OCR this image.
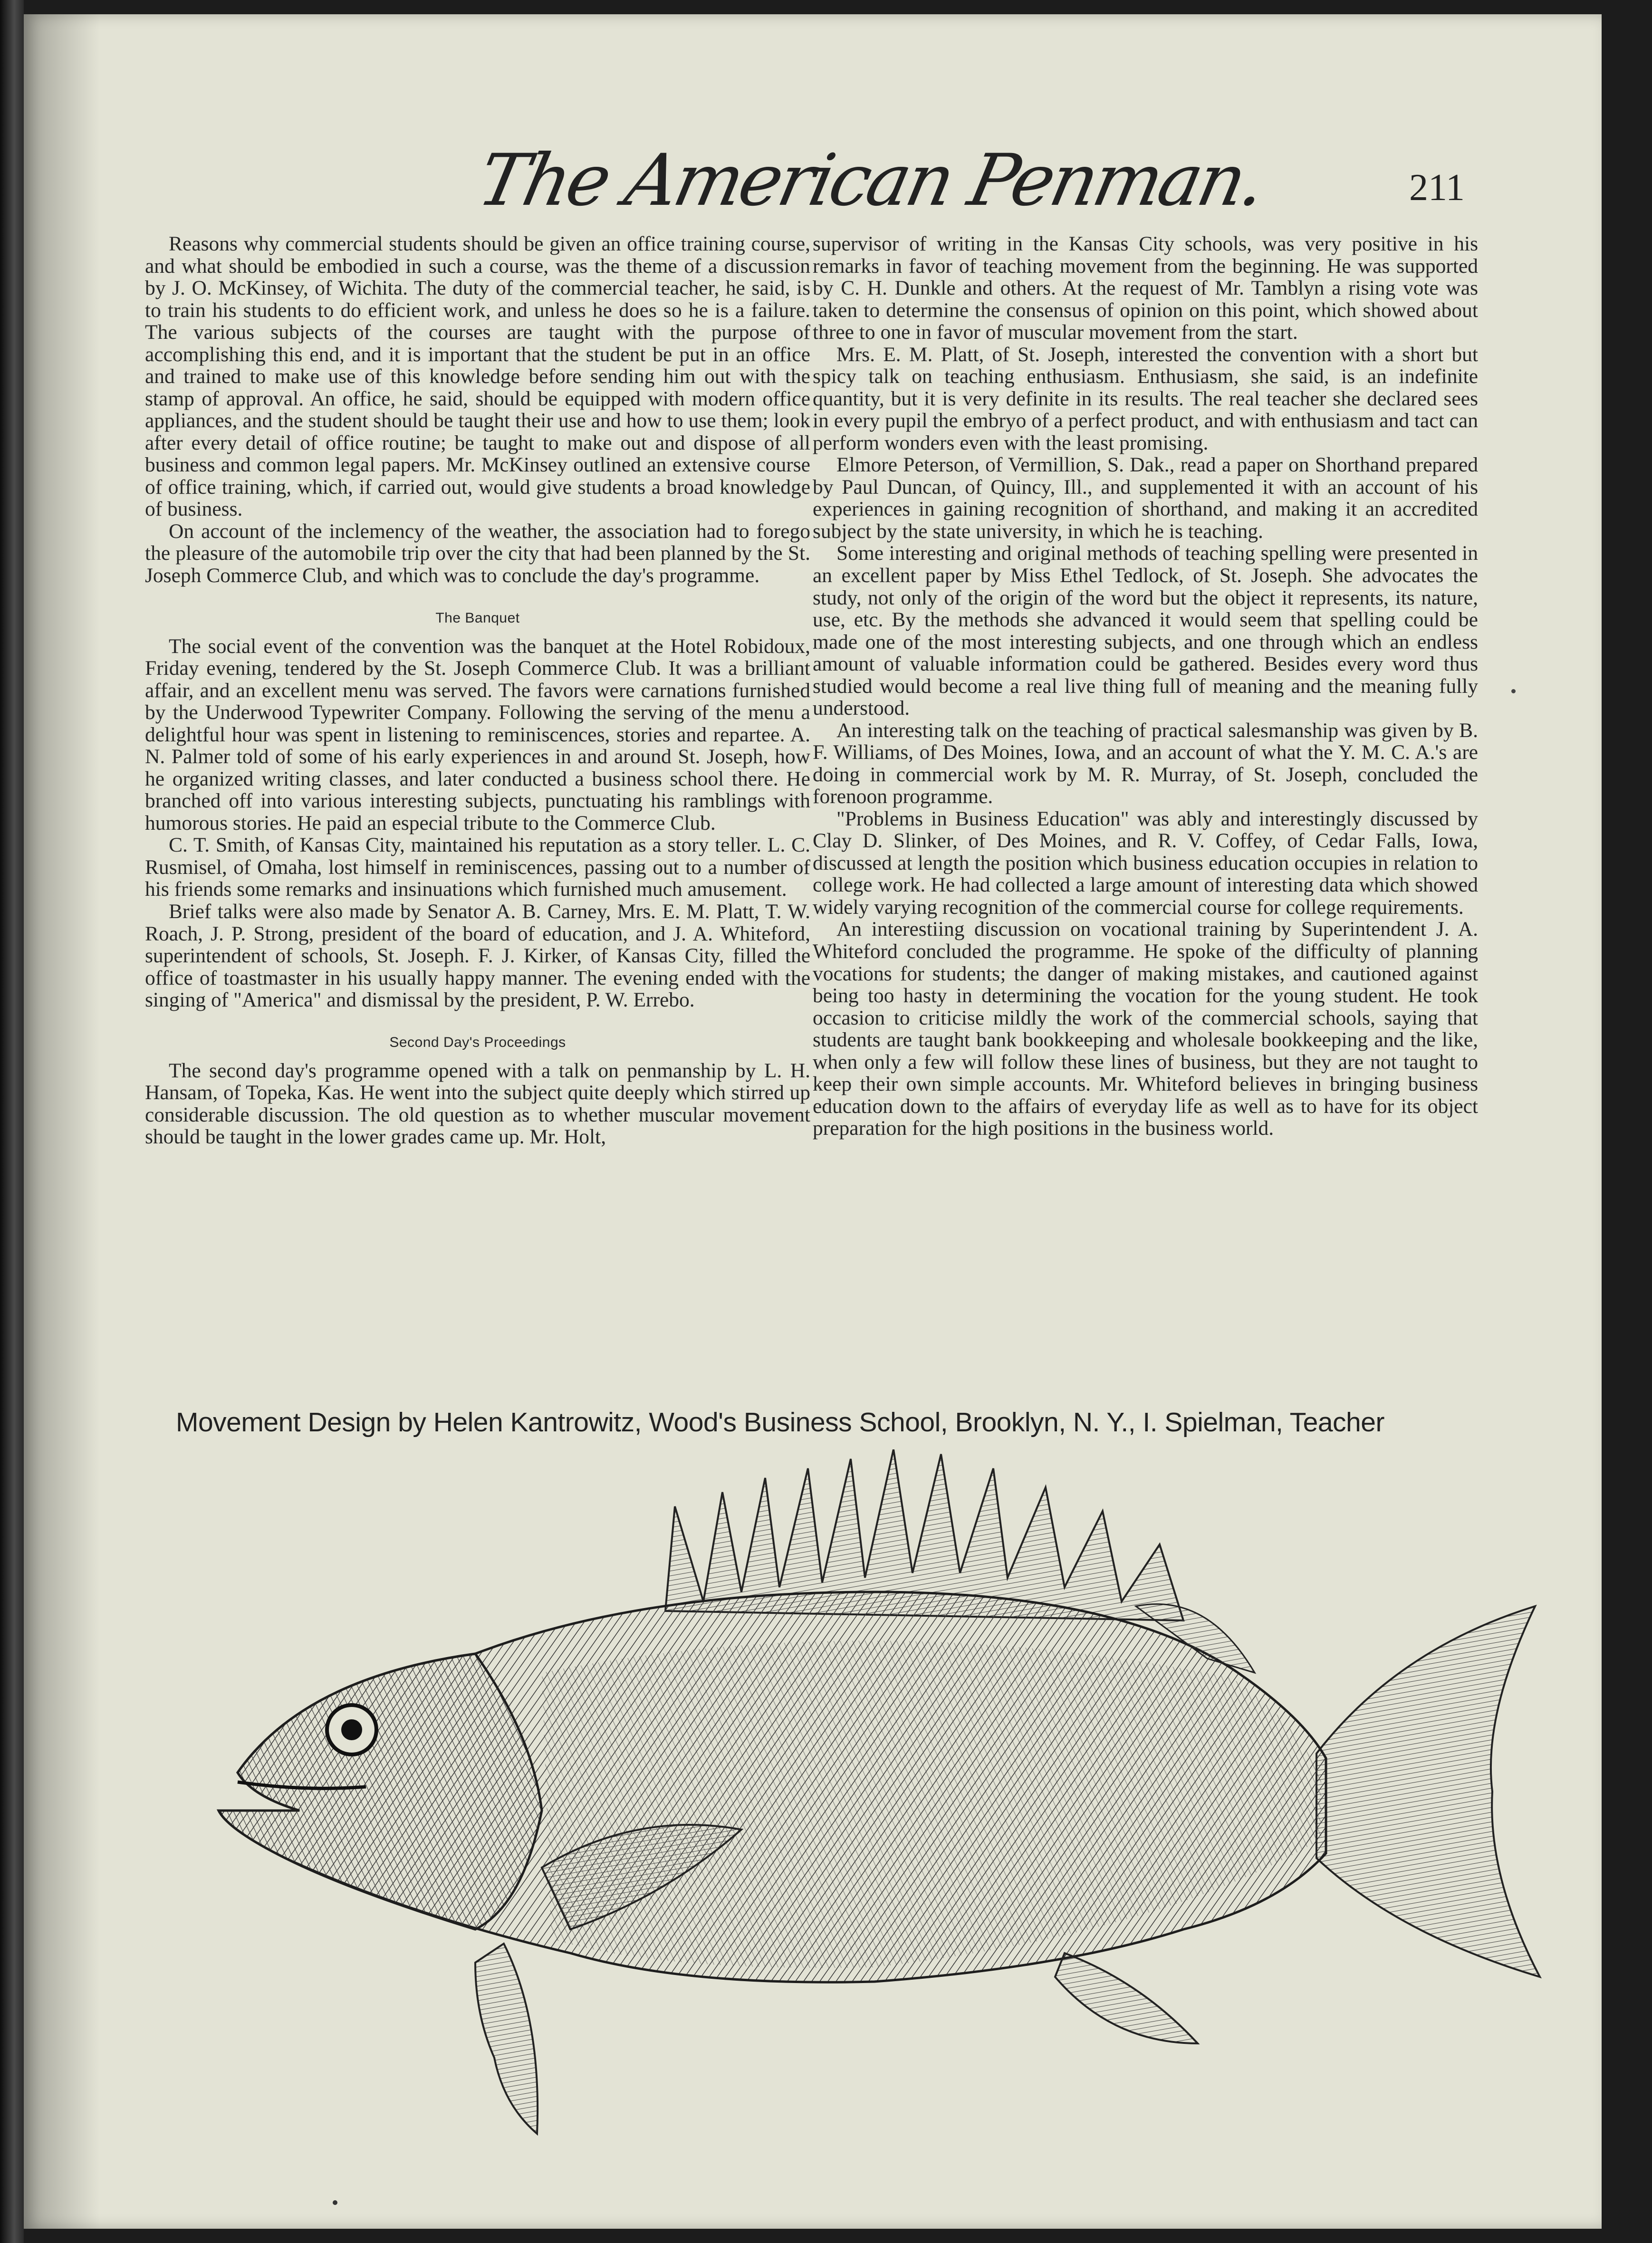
The American Penman.	211

Reasons why commercial students should be given an office training course, and what should be embodied in such a course, was the theme of a discussion by J. O. McKinsey, of Wichita. The duty of the commercial teacher, he said, is to train his students to do efficient work, and unless he does so he is a failure. The various subjects of the courses are taught with the purpose of accomplishing this end, and it is important that the student be put in an office and trained to make use of this knowledge before sending him out with the stamp of approval. An office, he said, should be equipped with modern office appliances, and the student should be taught their use and how to use them; look after every detail of office routine; be taught to make out and dispose of all business and common legal papers. Mr. McKinsey outlined an extensive course of office training, which, if carried out, would give students a broad knowledge of business.

On account of the inclemency of the weather, the association had to forego the pleasure of the automobile trip over the city that had been planned by the St. Joseph Commerce Club, and which was to conclude the day's programme.

The Banquet

The social event of the convention was the banquet at the Hotel Robidoux, Friday evening, tendered by the St. Joseph Commerce Club. It was a brilliant affair, and an excellent menu was served. The favors were carnations furnished by the Underwood Typewriter Company. Following the serving of the menu a delightful hour was spent in listening to reminiscences, stories and repartee. A. N. Palmer told of some of his early experiences in and around St. Joseph, how he organized writing classes, and later conducted a business school there. He branched off into various interesting subjects, punctuating his ramblings with humorous stories. He paid an especial tribute to the Commerce Club.

C. T. Smith, of Kansas City, maintained his reputation as a story teller. L. C. Rusmisel, of Omaha, lost himself in reminiscences, passing out to a number of his friends some remarks and insinuations which furnished much amusement.

Brief talks were also made by Senator A. B. Carney, Mrs. E. M. Platt, T. W. Roach, J. P. Strong, president of the board of education, and J. A. Whiteford, superintendent of schools, St. Joseph. F. J. Kirker, of Kansas City, filled the office of toastmaster in his usually happy manner. The evening ended with the singing of "America" and dismissal by the president, P. W. Errebo.

Second Day's Proceedings

The second day's programme opened with a talk on penmanship by L. H. Hansam, of Topeka, Kas. He went into the subject quite deeply which stirred up considerable discussion. The old question as to whether muscular movement should be taught in the lower grades came up. Mr. Holt,

supervisor of writing in the Kansas City schools, was very positive in his remarks in favor of teaching movement from the beginning. He was supported by C. H. Dunkle and others. At the request of Mr. Tamblyn a rising vote was taken to determine the consensus of opinion on this point, which showed about three to one in favor of muscular movement from the start.

Mrs. E. M. Platt, of St. Joseph, interested the convention with a short but spicy talk on teaching enthusiasm. Enthusiasm, she said, is an indefinite quantity, but it is very definite in its results. The real teacher she declared sees in every pupil the embryo of a perfect product, and with enthusiasm and tact can perform wonders even with the least promising.

Elmore Peterson, of Vermillion, S. Dak., read a paper on Shorthand prepared by Paul Duncan, of Quincy, Ill., and supplemented it with an account of his experiences in gaining recognition of shorthand, and making it an accredited subject by the state university, in which he is teaching.

Some interesting and original methods of teaching spelling were presented in an excellent paper by Miss Ethel Tedlock, of St. Joseph. She advocates the study, not only of the origin of the word but the object it represents, its nature, use, etc. By the methods she advanced it would seem that spelling could be made one of the most interesting subjects, and one through which an endless amount of valuable information could be gathered. Besides every word thus studied would become a real live thing full of meaning and the meaning fully understood.

An interesting talk on the teaching of practical salesmanship was given by B. F. Williams, of Des Moines, Iowa, and an account of what the Y. M. C. A.'s are doing in commercial work by M. R. Murray, of St. Joseph, concluded the forenoon programme.

"Problems in Business Education" was ably and interestingly discussed by Clay D. Slinker, of Des Moines, and R. V. Coffey, of Cedar Falls, Iowa, discussed at length the position which business education occupies in relation to college work. He had collected a large amount of interesting data which showed widely varying recognition of the commercial course for college requirements.

An interestiing discussion on vocational training by Superintendent J. A. Whiteford concluded the programme. He spoke of the difficulty of planning vocations for students; the danger of making mistakes, and cautioned against being too hasty in determining the vocation for the young student. He took occasion to criticise mildly the work of the commercial schools, saying that students are taught bank bookkeeping and wholesale bookkeeping and the like, when only a few will follow these lines of business, but they are not taught to keep their own simple accounts. Mr. Whiteford believes in bringing business education down to the affairs of everyday life as well as to have for its object preparation for the high positions in the business world.

Movement Design by Helen Kantrowitz, Wood's Business School, Brooklyn, N. Y., I. Spielman, Teacher
